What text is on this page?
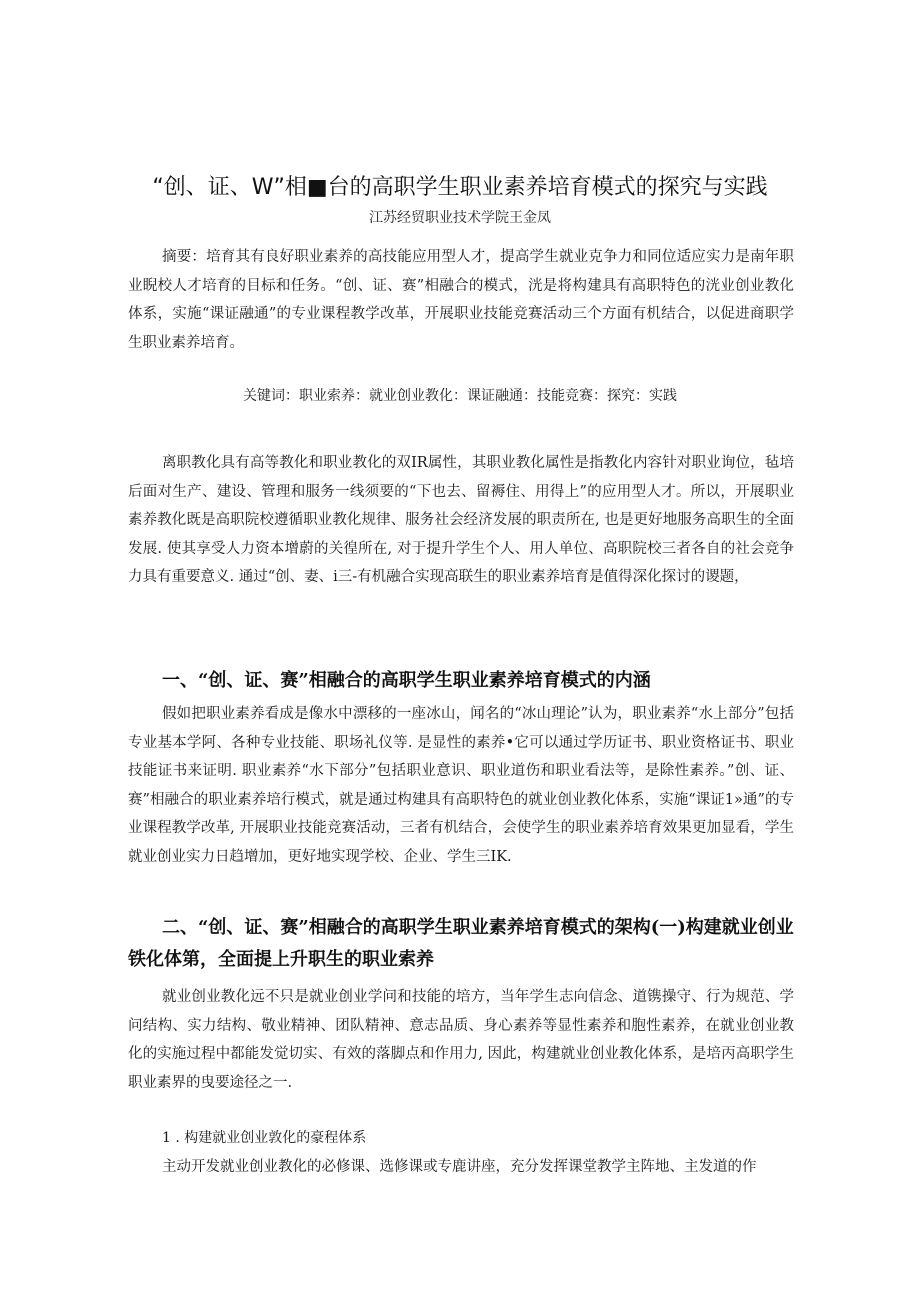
“创、证、W”相■台的高职学生职业素养培育模式的探究与实践
江苏经贸职业技术学院王金凤

摘要：培育其有良好职业素养的高技能应用型人才，提高学生就业克争力和同位适应实力是南年职业睨校人才培育的目标和任务。“创、证、赛”相融合的模式，洸是将构建具有高职特色的洸业创业教化体系，实施“课证融通”的专业课程教学改革，开展职业技能竞赛活动三个方面有机结合，以促进商职学生职业素养培育。

关键词：职业索养：就业创业教化：课证融通：技能竞赛：探究：实践

离职教化具有高等教化和职业教化的双IR属性，其职业教化属性是指教化内容针对职业询位，毡培后面对生产、建设、管理和服务一线须要的“下也去、留褥住、用得上”的应用型人才。所以，开展职业素养教化既是高职院校遵循职业教化规律、服务社会经济发展的职责所在, 也是更好地服务高职生的全面发展. 使其享受人力资本增蔚的关徨所在, 对于提升学生个人、用人单位、高职院校三者各自的社会竞争力具有重要意义. 通过“创、妻、i三-有机融合实现高联生的职业素养培育是值得深化探讨的谡题，

一、“创、证、赛”相融合的高职学生职业素养培育模式的内涵

假如把职业素养看成是像水中漂移的一座冰山，闻名的“冰山理论”认为，职业素养“水上部分”包括专业基本学阿、各种专业技能、职场礼仪等. 是显性的素养•它可以通过学历证书、职业资格证书、职业技能证书来证明. 职业素养“水下部分”包括职业意识、职业道伤和职业看法等，是除性素养。”创、证、赛”相融合的职业素养培行模式，就是通过构建具有高职特色的就业创业教化体系，实施“课证1»通”的专业课程教学改革, 开展职业技能竞赛活动，三者有机结合，会使学生的职业素养培育效果更加显看，学生就业创业实力日趋增加，更好地实现学校、企业、学生三IK.

二、“创、证、赛”相融合的高职学生职业素养培育模式的架构(一)构建就业创业铁化体第，全面提上升职生的职业索养

就业创业教化远不只是就业创业学问和技能的培方，当年学生志向信念、道镌操守、行为规范、学问结构、实力结构、敬业精神、团队精神、意志品质、身心素养等显性素养和胞性素养，在就业创业教化的实施过程中都能发觉切实、有效的落脚点和作用力, 因此，构建就业创业教化体系，是培丙高职学生职业素界的曳要途径之一.

1 . 构建就业创业敦化的豪程体系

主动开发就业创业教化的必修课、选修课或专鹿讲座，充分发挥课堂教学主阵地、主发道的作
